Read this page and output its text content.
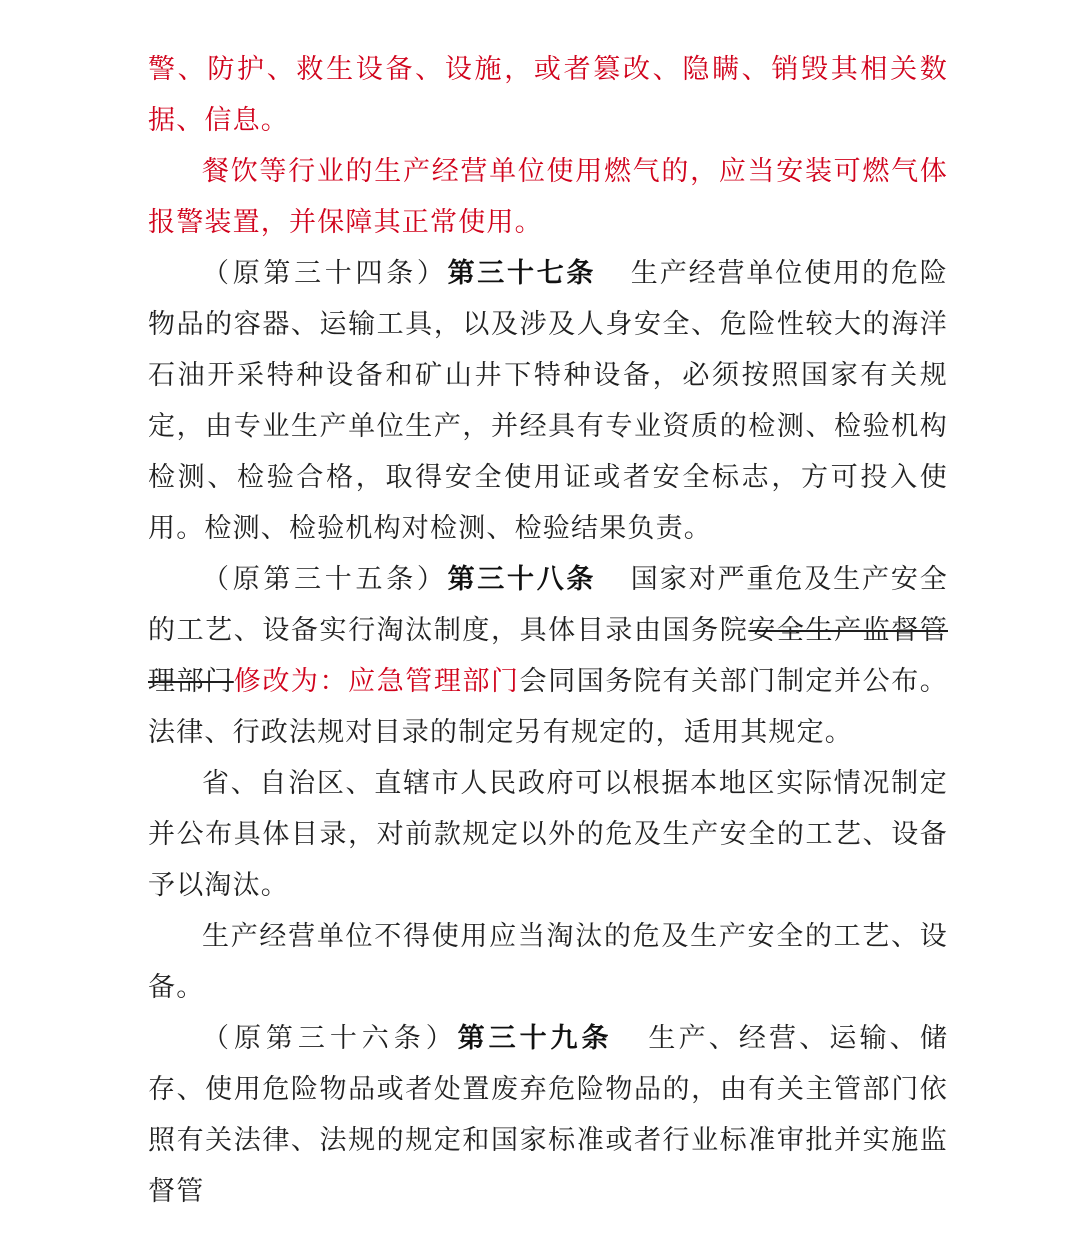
警、防护、救生设备、设施，或者篡改、隐瞒、销毁其相关数据、信息。

餐饮等行业的生产经营单位使用燃气的，应当安装可燃气体报警装置，并保障其正常使用。

（原第三十四条）第三十七条 生产经营单位使用的危险物品的容器、运输工具，以及涉及人身安全、危险性较大的海洋石油开采特种设备和矿山井下特种设备，必须按照国家有关规定，由专业生产单位生产，并经具有专业资质的检测、检验机构检测、检验合格，取得安全使用证或者安全标志，方可投入使用。检测、检验机构对检测、检验结果负责。

（原第三十五条）第三十八条 国家对严重危及生产安全的工艺、设备实行淘汰制度，具体目录由国务院安全生产监督管理部门修改为：应急管理部门会同国务院有关部门制定并公布。法律、行政法规对目录的制定另有规定的，适用其规定。

省、自治区、直辖市人民政府可以根据本地区实际情况制定并公布具体目录，对前款规定以外的危及生产安全的工艺、设备予以淘汰。

生产经营单位不得使用应当淘汰的危及生产安全的工艺、设备。

（原第三十六条）第三十九条 生产、经营、运输、储存、使用危险物品或者处置废弃危险物品的，由有关主管部门依照有关法律、法规的规定和国家标准或者行业标准审批并实施监督管
